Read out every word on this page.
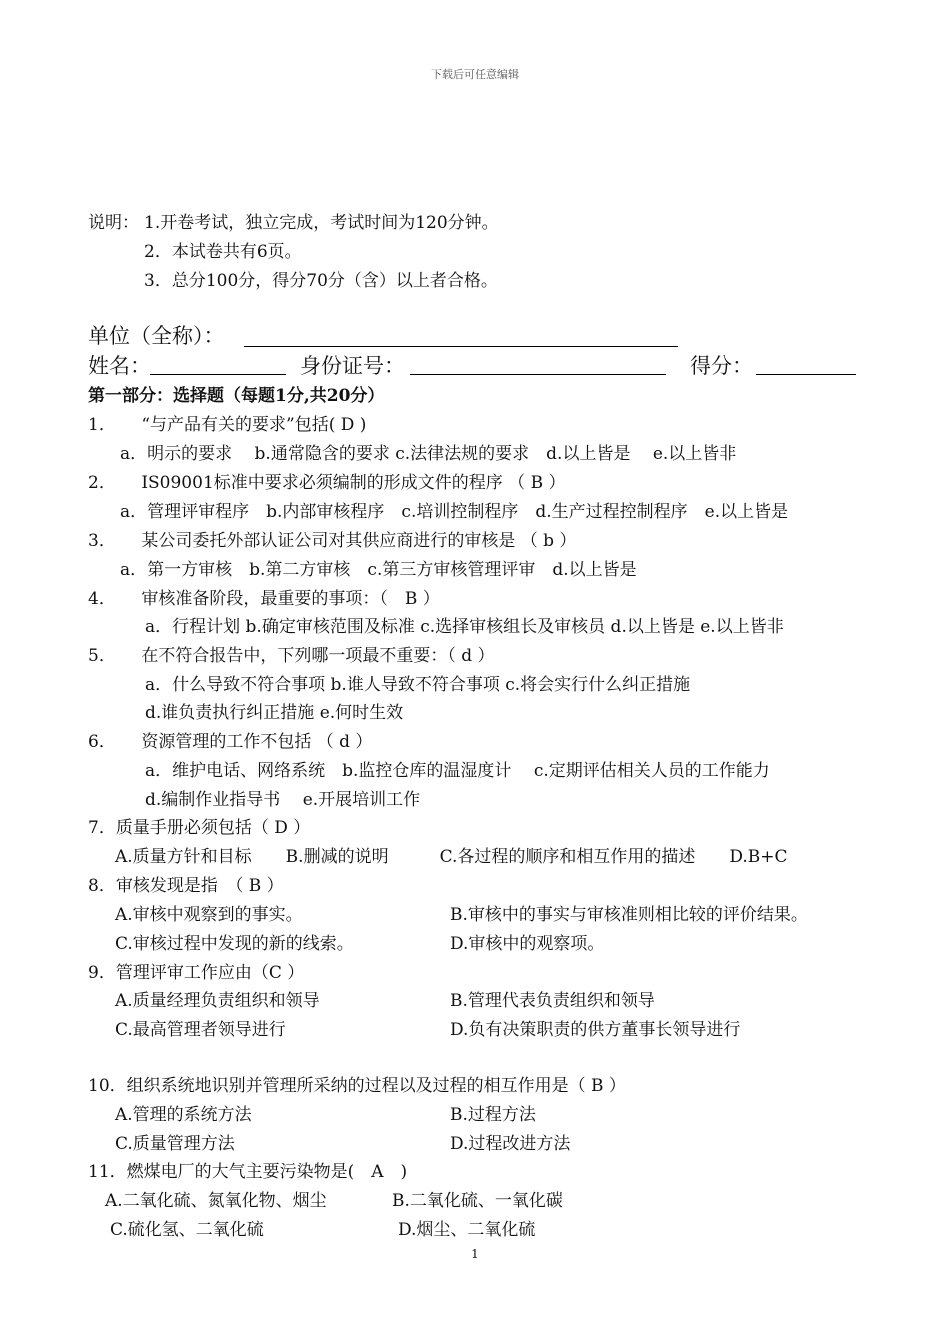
下载后可任意编辑
说明： 1.开卷考试，独立完成，考试时间为120分钟。
2．本试卷共有6页。
3．总分100分，得分70分（含）以上者合格。
单位（全称）：
姓名：	身份证号：	得分：
第一部分：选择题（每题1分,共20分）
1．　　“与产品有关的要求”包括( D )
a．明示的要求　 b.通常隐含的要求 c.法律法规的要求　d.以上皆是　 e.以上皆非
2．　　IS09001标准中要求必须编制的形成文件的程序 （ B ）
a．管理评审程序　b.内部审核程序　c.培训控制程序　d.生产过程控制程序　e.以上皆是
3．　　某公司委托外部认证公司对其供应商进行的审核是 （ b ）
a．第一方审核　b.第二方审核　c.第三方审核管理评审　d.以上皆是
4．　　审核准备阶段，最重要的事项：（　B ）
a．行程计划 b.确定审核范围及标准 c.选择审核组长及审核员 d.以上皆是 e.以上皆非
5．　　在不符合报告中，下列哪一项最不重要：（ d ）
a．什么导致不符合事项 b.谁人导致不符合事项 c.将会实行什么纠正措施
d.谁负责执行纠正措施 e.何时生效
6．　　资源管理的工作不包括 （ d ）
a．维护电话、网络系统　b.监控仓库的温湿度计　 c.定期评估相关人员的工作能力
d.编制作业指导书　 e.开展培训工作
7．质量手册必须包括（ D ）
A.质量方针和目标　　B.删减的说明　　　C.各过程的顺序和相互作用的描述　　D.B+C
8．审核发现是指　（ B ）
A.审核中观察到的事实。	B.审核中的事实与审核准则相比较的评价结果。
C.审核过程中发现的新的线索。	D.审核中的观察项。
9．管理评审工作应由（C ）
A.质量经理负责组织和领导	B.管理代表负责组织和领导
C.最高管理者领导进行	D.负有决策职责的供方董事长领导进行
10．组织系统地识别并管理所采纳的过程以及过程的相互作用是（ B ）
A.管理的系统方法	B.过程方法
C.质量管理方法	D.过程改进方法
11．燃煤电厂的大气主要污染物是(　A　)
A.二氧化硫、氮氧化物、烟尘	B.二氧化硫、一氧化碳
C.硫化氢、二氧化硫	D.烟尘、二氧化硫
1
